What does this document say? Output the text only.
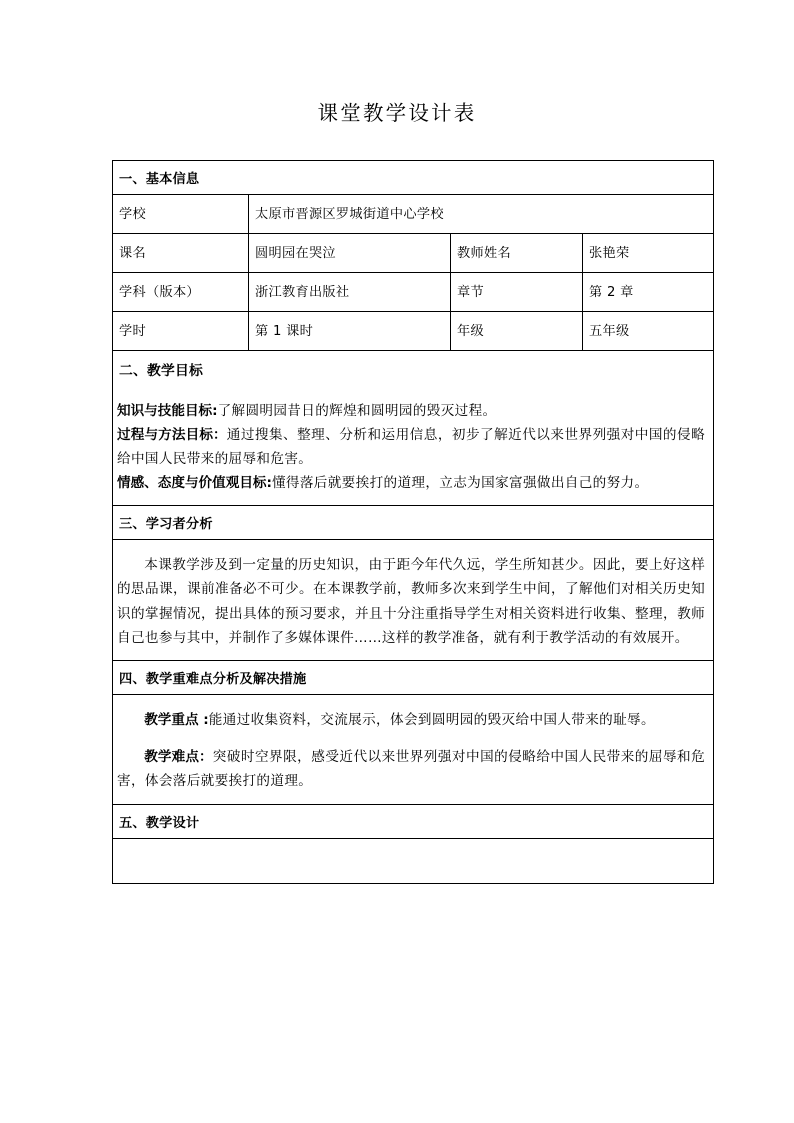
课堂教学设计表
一、基本信息			
学校	太原市晋源区罗城街道中心学校		
课名	圆明园在哭泣	教师姓名	张艳荣
学科（版本）	浙江教育出版社	章节	第 2 章
学时	第 1 课时	年级	五年级

二、教学目标

知识与技能目标:了解圆明园昔日的辉煌和圆明园的毁灭过程。

过程与方法目标：通过搜集、整理、分析和运用信息，初步了解近代以来世界列强对中国的侵略给中国人民带来的屈辱和危害。

情感、态度与价值观目标:懂得落后就要挨打的道理，立志为国家富强做出自己的努力。			

三、学习者分析			

本课教学涉及到一定量的历史知识，由于距今年代久远，学生所知甚少。因此，要上好这样的思品课，课前准备必不可少。在本课教学前，教师多次来到学生中间，了解他们对相关历史知识的掌握情况，提出具体的预习要求，并且十分注重指导学生对相关资料进行收集、整理，教师自己也参与其中，并制作了多媒体课件……这样的教学准备，就有利于教学活动的有效展开。			

四、教学重难点分析及解决措施			

教学重点 :能通过收集资料，交流展示，体会到圆明园的毁灭给中国人带来的耻辱。

教学难点：突破时空界限，感受近代以来世界列强对中国的侵略给中国人民带来的屈辱和危害，体会落后就要挨打的道理。			

五、教学设计			
